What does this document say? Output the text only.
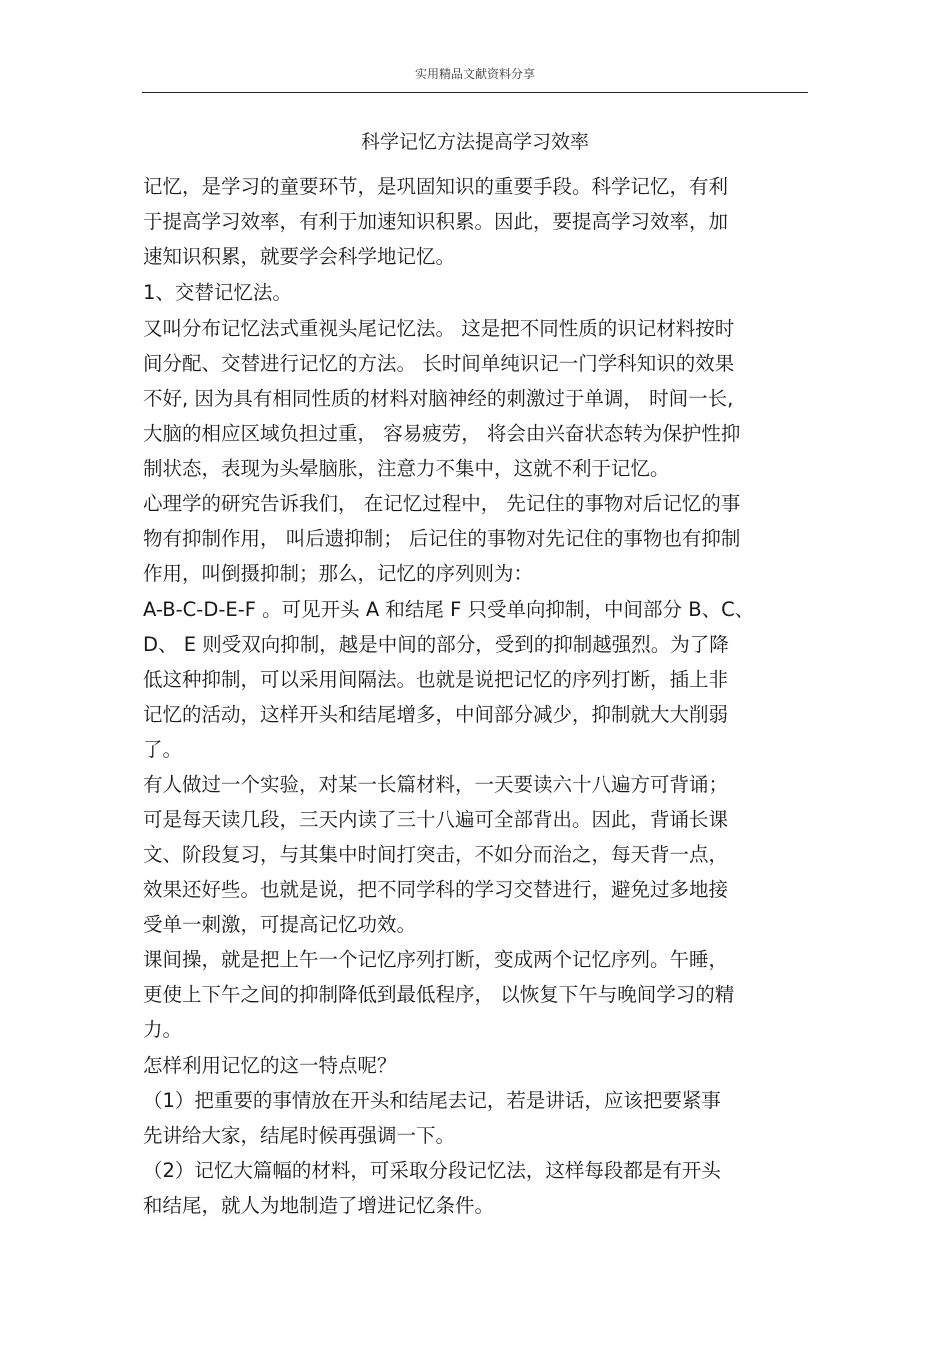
实用精品文献资料分享
科学记忆方法提高学习效率
记忆，是学习的童要环节，是巩固知识的重要手段。科学记忆，有利
于提高学习效率，有利于加速知识积累。因此，要提高学习效率，加
速知识积累，就要学会科学地记忆。
1、交替记忆法。
又叫分布记忆法式重视头尾记忆法。 这是把不同性质的识记材料按时
间分配、交替进行记忆的方法。 长时间单纯识记一门学科知识的效果
不好, 因为具有相同性质的材料对脑神经的刺激过于单调， 时间一长,
大脑的相应区域负担过重， 容易疲劳， 将会由兴奋状态转为保护性抑
制状态，表现为头晕脑胀，注意力不集中，这就不利于记忆。
心理学的研究告诉我们， 在记忆过程中， 先记住的事物对后记忆的事
物有抑制作用， 叫后遗抑制； 后记住的事物对先记住的事物也有抑制
作用，叫倒摄抑制；那么，记忆的序列则为：
A-B-C-D-E-F 。可见开头 A 和结尾 F 只受单向抑制，中间部分 B、C、
D、 E 则受双向抑制，越是中间的部分，受到的抑制越强烈。为了降
低这种抑制，可以采用间隔法。也就是说把记忆的序列打断，插上非
记忆的活动，这样开头和结尾增多，中间部分减少，抑制就大大削弱
了。
有人做过一个实验，对某一长篇材料，一天要读六十八遍方可背诵；
可是每天读几段，三天内读了三十八遍可全部背出。因此，背诵长课
文、阶段复习，与其集中时间打突击，不如分而治之，每天背一点，
效果还好些。也就是说，把不同学科的学习交替进行，避免过多地接
受单一刺激，可提高记忆功效。
课间操，就是把上午一个记忆序列打断，变成两个记忆序列。午睡，
更使上下午之间的抑制降低到最低程序， 以恢复下午与晚间学习的精
力。
怎样利用记忆的这一特点呢？
（1）把重要的事情放在开头和结尾去记，若是讲话，应该把要紧事
先讲给大家，结尾时候再强调一下。
（2）记忆大篇幅的材料，可采取分段记忆法，这样每段都是有开头
和结尾，就人为地制造了增进记忆条件。
